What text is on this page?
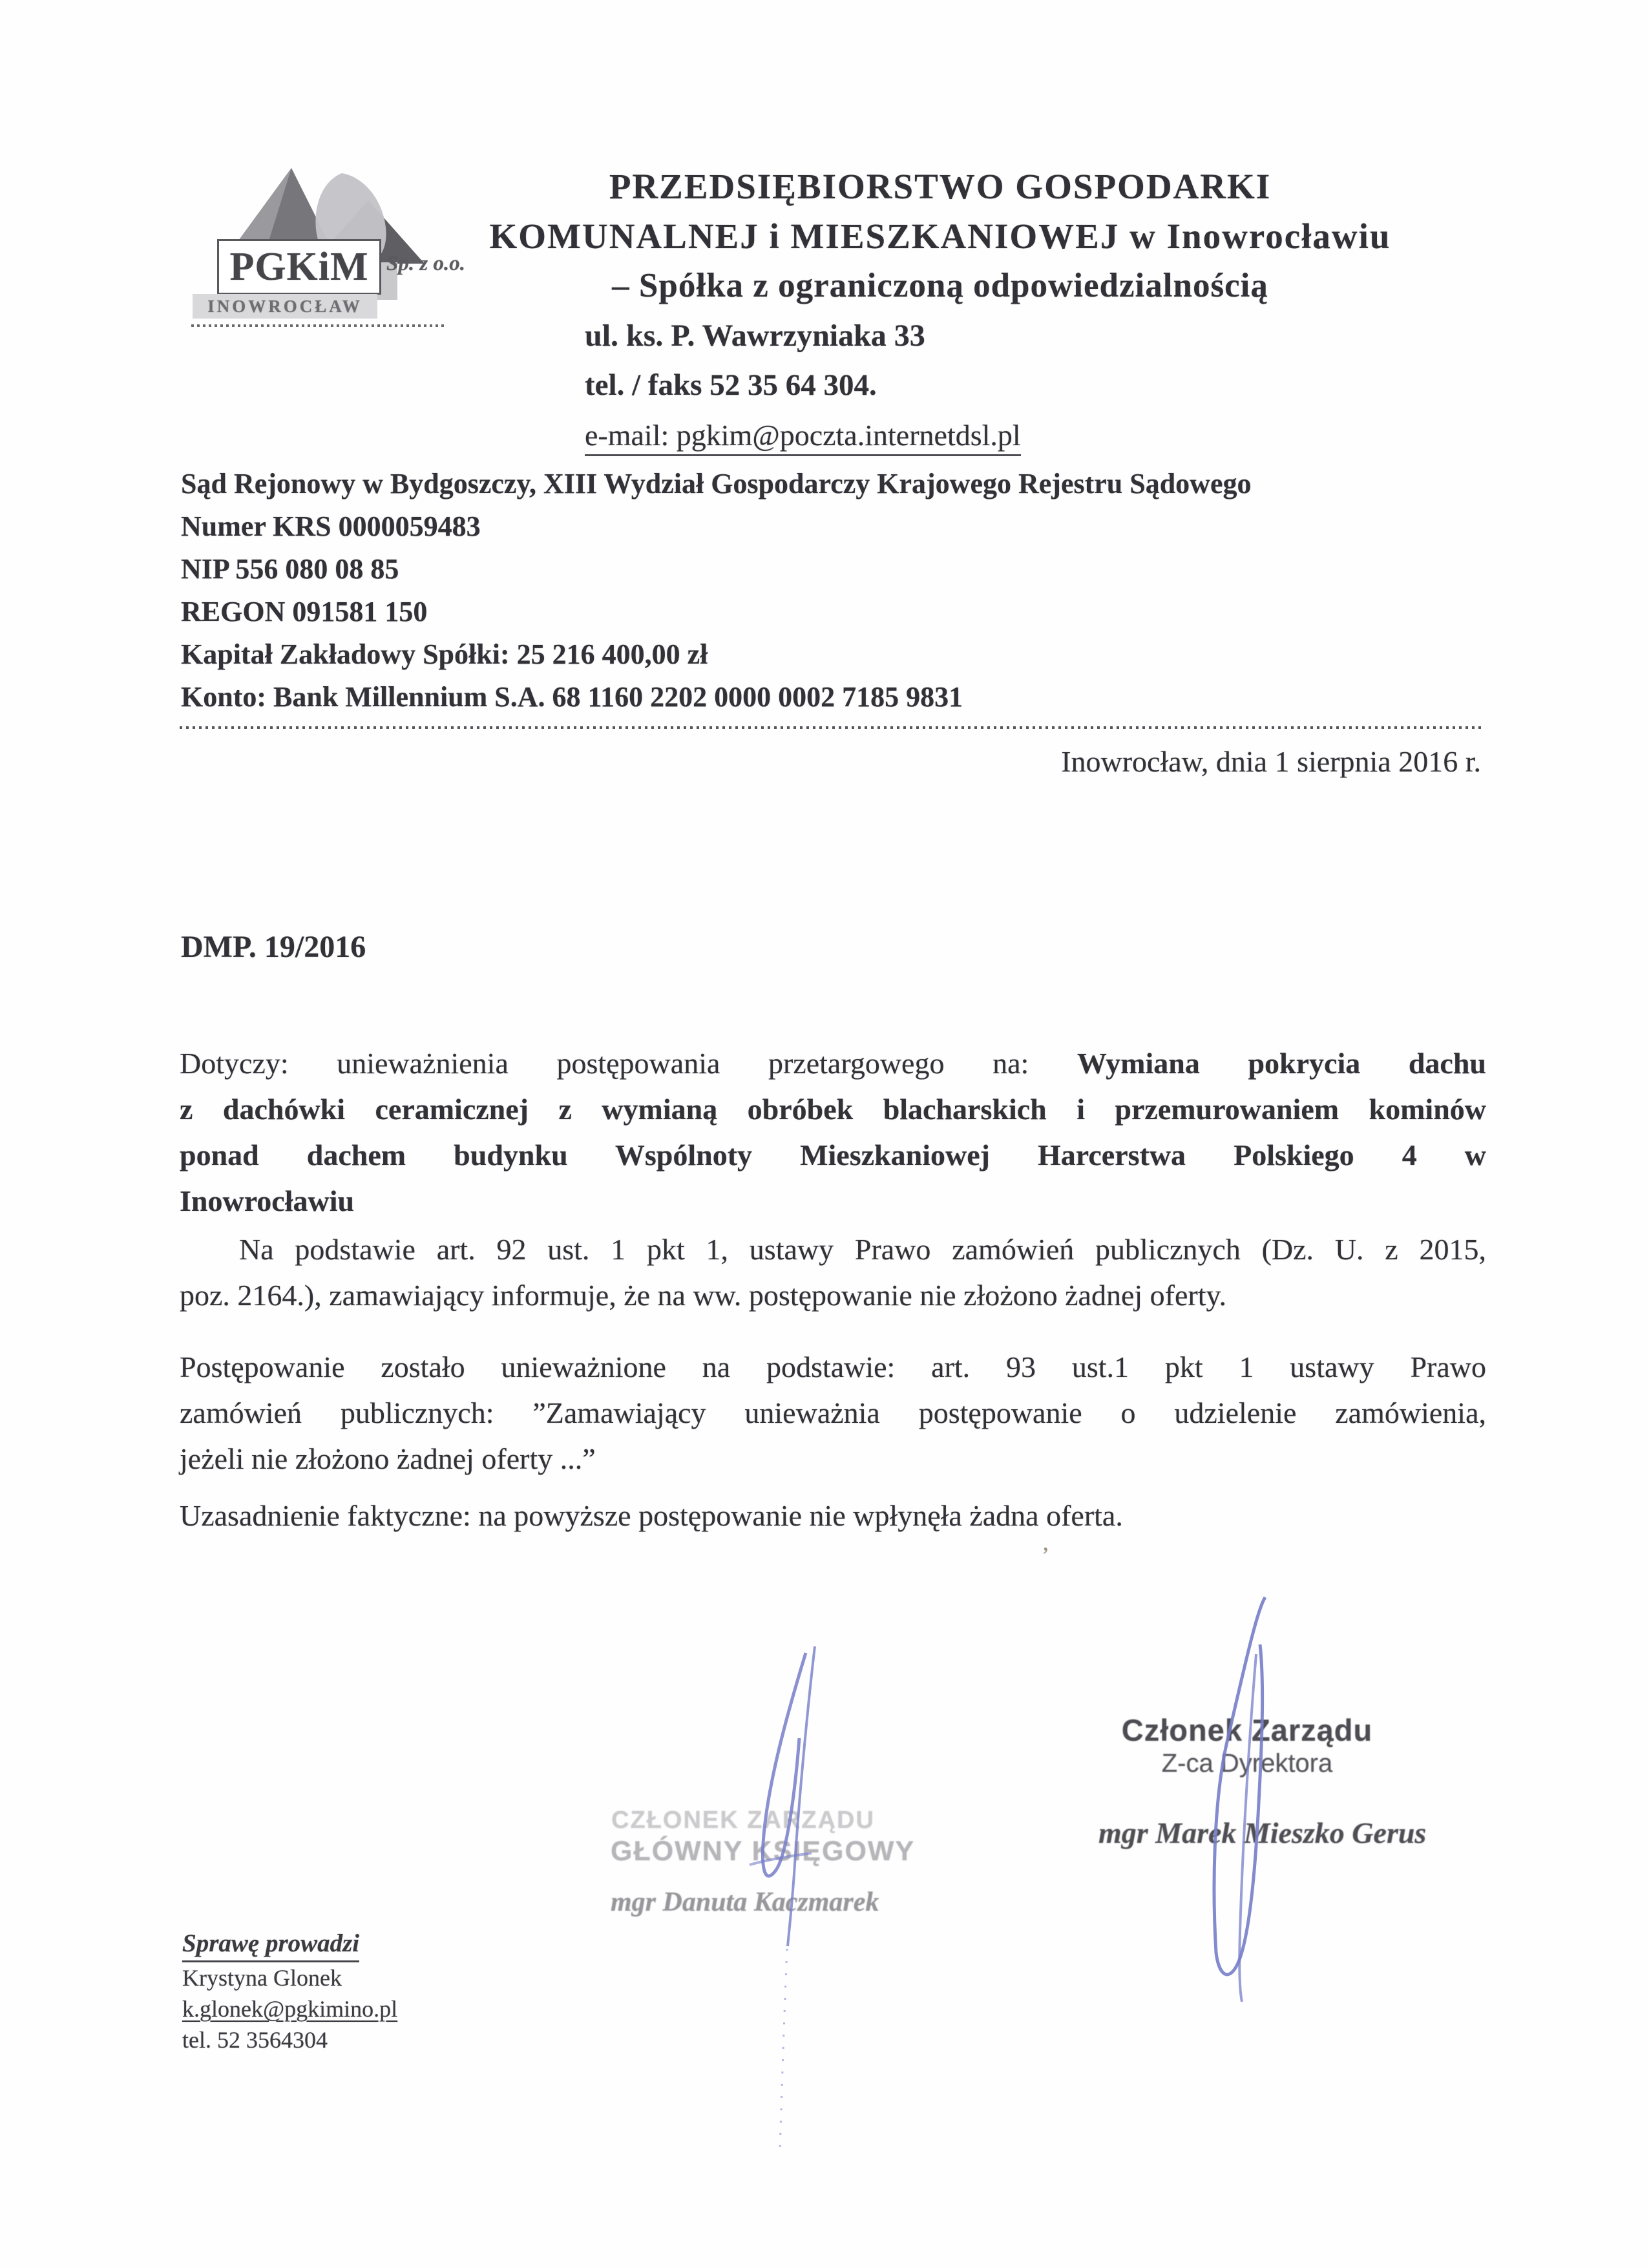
PGKiM Sp. z o.o.
INOWROCŁAW
PRZEDSIĘBIORSTWO GOSPODARKI
KOMUNALNEJ i MIESZKANIOWEJ w Inowrocławiu
– Spółka z ograniczoną odpowiedzialnością
ul. ks. P. Wawrzyniaka 33
tel. / faks 52 35 64 304.
e-mail: pgkim@poczta.internetdsl.pl
Sąd Rejonowy w Bydgoszczy, XIII Wydział Gospodarczy Krajowego Rejestru Sądowego
Numer KRS 0000059483
NIP 556 080 08 85
REGON 091581 150
Kapitał Zakładowy Spółki: 25 216 400,00 zł
Konto: Bank Millennium S.A. 68 1160 2202 0000 0002 7185 9831
Inowrocław, dnia 1 sierpnia 2016 r.
DMP. 19/2016
Dotyczy: unieważnienia postępowania przetargowego na: Wymiana pokrycia dachu
z dachówki ceramicznej z wymianą obróbek blacharskich i przemurowaniem kominów
ponad dachem budynku Wspólnoty Mieszkaniowej Harcerstwa Polskiego 4 w
Inowrocławiu
Na podstawie art. 92 ust. 1 pkt 1, ustawy Prawo zamówień publicznych (Dz. U. z 2015,
poz. 2164.), zamawiający informuje, że na ww. postępowanie nie złożono żadnej oferty.
Postępowanie zostało unieważnione na podstawie: art. 93 ust.1 pkt 1 ustawy Prawo
zamówień publicznych: ”Zamawiający unieważnia postępowanie o udzielenie zamówienia,
jeżeli nie złożono żadnej oferty ...”
Uzasadnienie faktyczne: na powyższe postępowanie nie wpłynęła żadna oferta.
’
CZŁONEK ZARZĄDU
GŁÓWNY KSIĘGOWY
mgr Danuta Kaczmarek
Członek Zarządu
Z-ca Dyrektora
mgr Marek Mieszko Gerus
Sprawę prowadzi
Krystyna Glonek
k.glonek@pgkimino.pl
tel. 52 3564304
